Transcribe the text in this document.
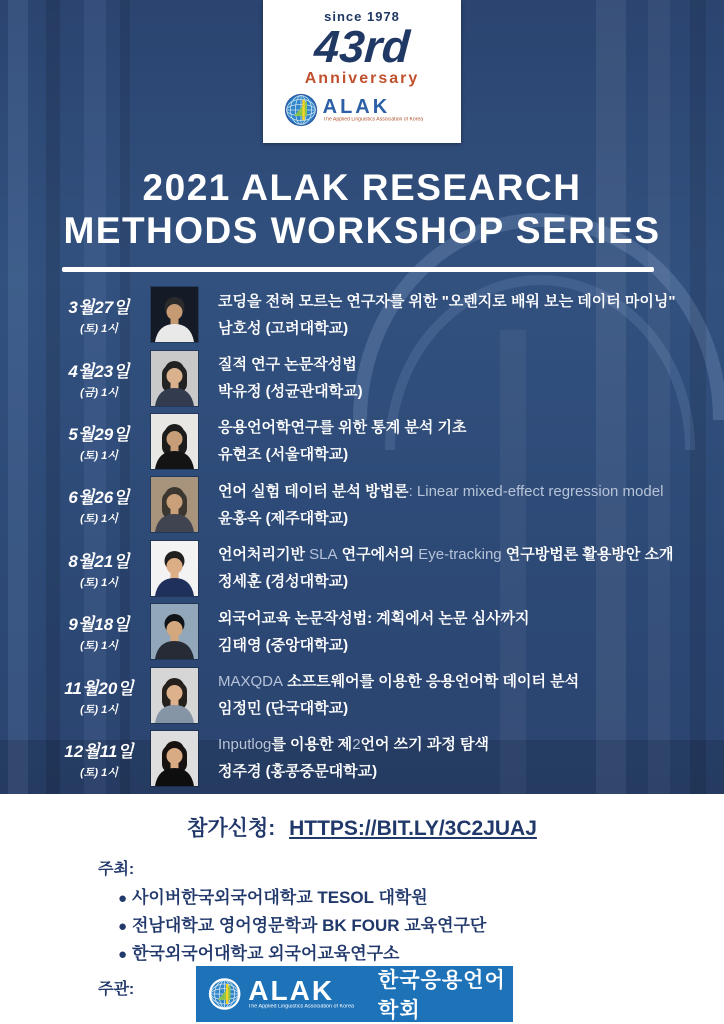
since 1978
43rd
Anniversary
ALAK
The Applied Linguistics Association of Korea
2021 ALAK RESEARCH
METHODS WORKSHOP SERIES
3월27일
(토) 1시
코딩을 전혀 모르는 연구자를 위한 "오렌지로 배워 보는 데이터 마이닝"
남호성 (고려대학교)
4월23일
(금) 1시
질적 연구 논문작성법
박유정 (성균관대학교)
5월29일
(토) 1시
응용언어학연구를 위한 통계 분석 기초
유현조 (서울대학교)
6월26일
(토) 1시
언어 실험 데이터 분석 방법론: Linear mixed-effect regression model
윤홍옥 (제주대학교)
8월21일
(토) 1시
언어처리기반 SLA 연구에서의 Eye-tracking 연구방법론 활용방안 소개
정세훈 (경성대학교)
9월18일
(토) 1시
외국어교육 논문작성법: 계획에서 논문 심사까지
김태영 (중앙대학교)
11월20일
(토) 1시
MAXQDA 소프트웨어를 이용한 응용언어학 데이터 분석
임정민 (단국대학교)
12월11일
(토) 1시
Inputlog를 이용한 제2언어 쓰기 과정 탐색
정주경 (홍콩중문대학교)
참가신청: HTTPS://BIT.LY/3C2JUAJ
주최:
● 사이버한국외국어대학교 TESOL 대학원
● 전남대학교 영어영문학과 BK FOUR 교육연구단
● 한국외국어대학교 외국어교육연구소
주관:	ALAK
The Applied Linguistics Association of Korea
한국응용언어학회
